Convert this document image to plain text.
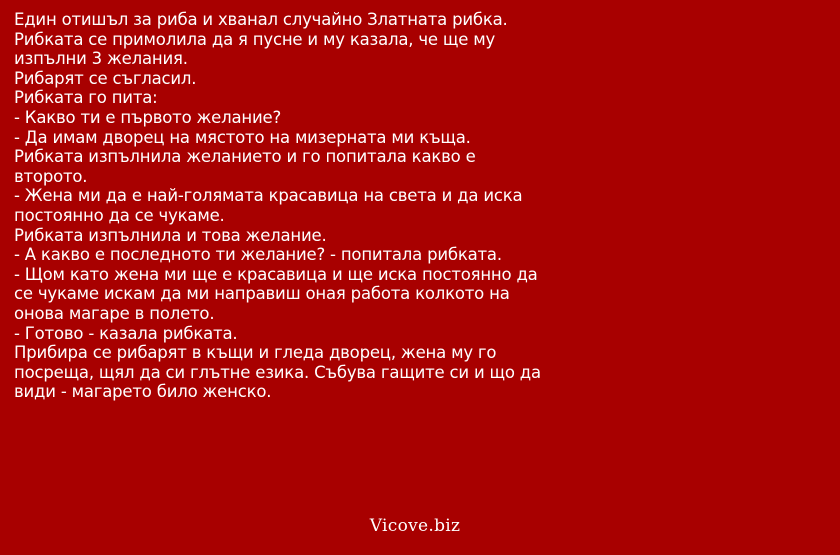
Един отишъл за риба и хванал случайно Златната рибка.
Рибката се примолила да я пусне и му казала, че ще му
изпълни 3 желания.
Рибарят се съгласил.
Рибката го пита:
- Какво ти е първото желание?
- Да имам дворец на мястото на мизерната ми къща.
Рибката изпълнила желанието и го попитала какво е
второто.
- Жена ми да е най-голямата красавица на света и да иска
постоянно да се чукаме.
Рибката изпълнила и това желание.
- А какво е последното ти желание? - попитала рибката.
- Щом като жена ми ще е красавица и ще иска постоянно да
се чукаме искам да ми направиш оная работа колкото на
онова магаре в полето.
- Готово - казала рибката.
Прибира се рибарят в къщи и гледа дворец, жена му го
посреща, щял да си глътне езика. Събува гащите си и що да
види - магарето било женско.
Vicove.biz
